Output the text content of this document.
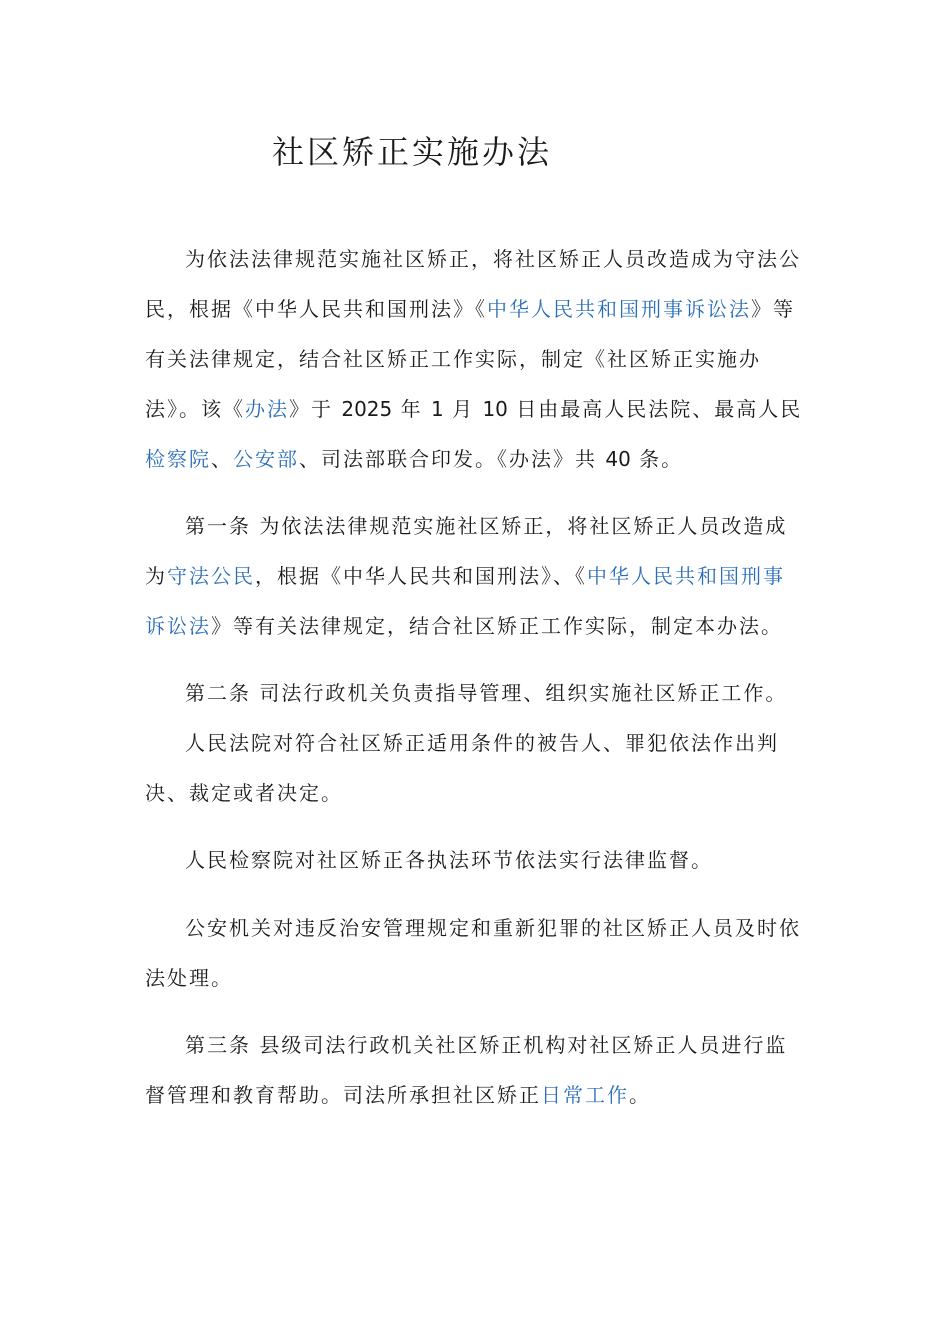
社区矫正实施办法

为依法法律规范实施社区矫正，将社区矫正人员改造成为守法公民，根据《中华人民共和国刑法》《中华人民共和国刑事诉讼法》等有关法律规定，结合社区矫正工作实际，制定《社区矫正实施办法》。该《办法》于 2025 年 1 月 10 日由最高人民法院、最高人民检察院、公安部、司法部联合印发。《办法》共 40 条。

第一条 为依法法律规范实施社区矫正，将社区矫正人员改造成为守法公民，根据《中华人民共和国刑法》、《中华人民共和国刑事诉讼法》等有关法律规定，结合社区矫正工作实际，制定本办法。

第二条 司法行政机关负责指导管理、组织实施社区矫正工作。

人民法院对符合社区矫正适用条件的被告人、罪犯依法作出判决、裁定或者决定。

人民检察院对社区矫正各执法环节依法实行法律监督。

公安机关对违反治安管理规定和重新犯罪的社区矫正人员及时依法处理。

第三条 县级司法行政机关社区矫正机构对社区矫正人员进行监督管理和教育帮助。司法所承担社区矫正日常工作。
